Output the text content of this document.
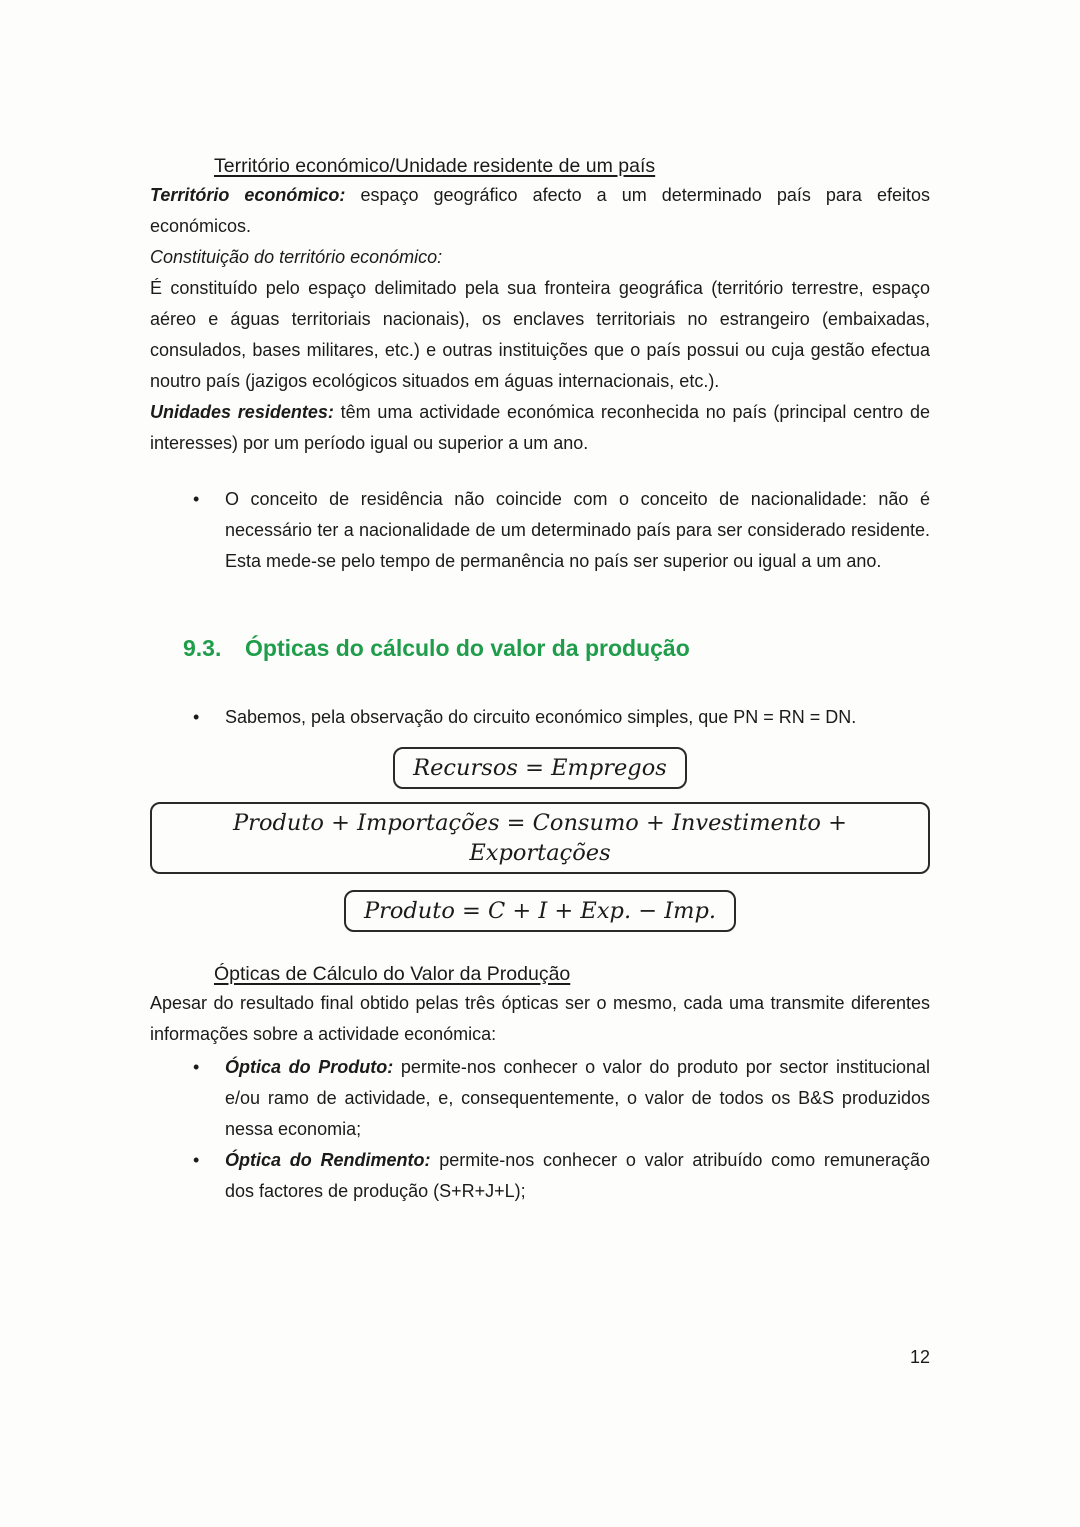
Território económico/Unidade residente de um país

Território económico: espaço geográfico afecto a um determinado país para efeitos económicos.

Constituição do território económico:

É constituído pelo espaço delimitado pela sua fronteira geográfica (território terrestre, espaço aéreo e águas territoriais nacionais), os enclaves territoriais no estrangeiro (embaixadas, consulados, bases militares, etc.) e outras instituições que o país possui ou cuja gestão efectua noutro país (jazigos ecológicos situados em águas internacionais, etc.).

Unidades residentes: têm uma actividade económica reconhecida no país (principal centro de interesses) por um período igual ou superior a um ano.

•

O conceito de residência não coincide com o conceito de nacionalidade: não é necessário ter a nacionalidade de um determinado país para ser considerado residente. Esta mede-se pelo tempo de permanência no país ser superior ou igual a um ano.

9.3. Ópticas do cálculo do valor da produção
•

Sabemos, pela observação do circuito económico simples, que PN = RN = DN.

Recursos = Empregos
Produto + Importações = Consumo + Investimento + Exportações
Produto = C + I + Exp. − Imp.
Ópticas de Cálculo do Valor da Produção

Apesar do resultado final obtido pelas três ópticas ser o mesmo, cada uma transmite diferentes informações sobre a actividade económica:

•

Óptica do Produto: permite-nos conhecer o valor do produto por sector institucional e/ou ramo de actividade, e, consequentemente, o valor de todos os B&S produzidos nessa economia;

•

Óptica do Rendimento: permite-nos conhecer o valor atribuído como remuneração dos factores de produção (S+R+J+L);

12
